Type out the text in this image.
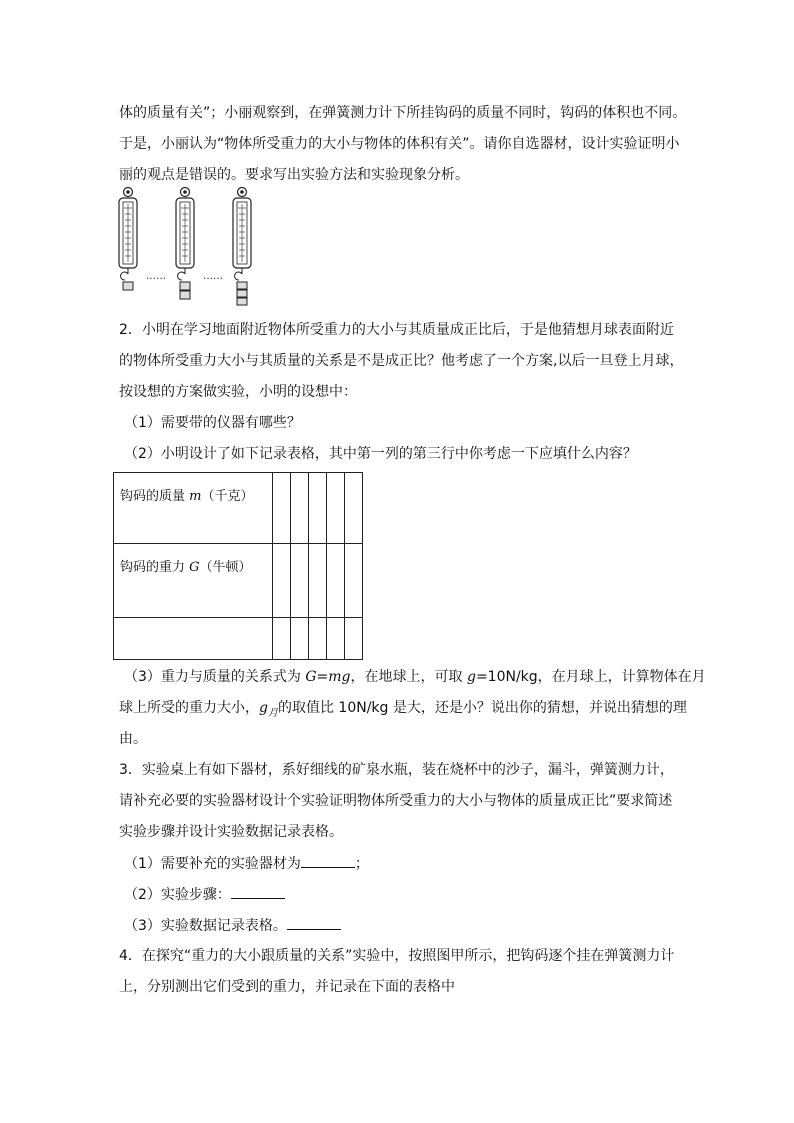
体的质量有关”；小丽观察到，在弹簧测力计下所挂钩码的质量不同时，钩码的体积也不同。
于是，小丽认为“物体所受重力的大小与物体的体积有关”。请你自选器材，设计实验证明小
丽的观点是错误的。要求写出实验方法和实验现象分析。
……	……
2．小明在学习地面附近物体所受重力的大小与其质量成正比后，于是他猜想月球表面附近
的物体所受重力大小与其质量的关系是不是成正比？他考虑了一个方案,以后一旦登上月球，
按设想的方案做实验，小明的设想中：
（1）需要带的仪器有哪些？
（2）小明设计了如下记录表格，其中第一列的第三行中你考虑一下应填什么内容？
钩码的质量 m（千克）					
钩码的重力 G（牛顿）					

（3）重力与质量的关系式为 G=mg，在地球上，可取 g=10N/kg，在月球上，计算物体在月
球上所受的重力大小，$g_月$的取值比 10N/kg 是大，还是小？说出你的猜想，并说出猜想的理
由。
3．实验桌上有如下器材，系好细线的矿泉水瓶，装在烧杯中的沙子，漏斗，弹簧测力计，
请补充必要的实验器材设计个实验证明物体所受重力的大小与物体的质量成正比”要求简述
实验步骤并设计实验数据记录表格。
（1）需要补充的实验器材为	；
（2）实验步骤：
（3）实验数据记录表格。
4．在探究“重力的大小跟质量的关系”实验中，按照图甲所示，把钩码逐个挂在弹簧测力计
上，分别测出它们受到的重力，并记录在下面的表格中
